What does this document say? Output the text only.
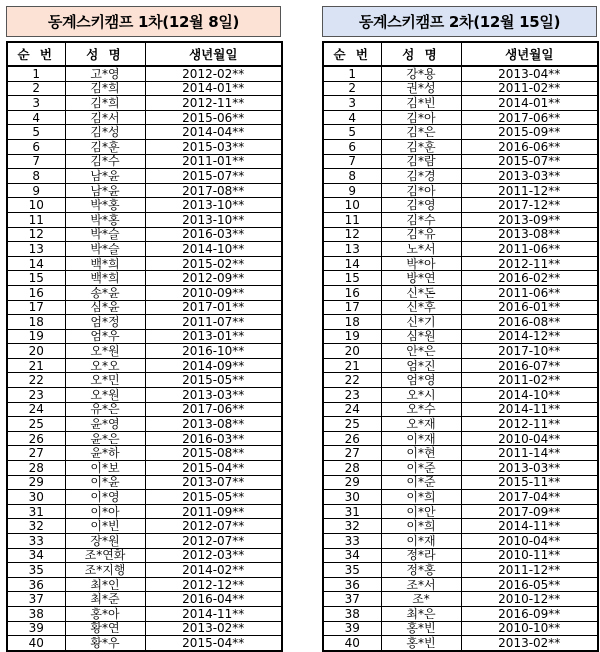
동계스키캠프 1차(12월 8일)
순 번	성 명	생년월일
1	고*영	2012-02**
2	김*희	2014-01**
3	김*희	2012-11**
4	김*서	2015-06**
5	김*성	2014-04**
6	김*훈	2015-03**
7	김*수	2011-01**
8	남*윤	2015-07**
9	남*윤	2017-08**
10	박*홍	2013-10**
11	박*홍	2013-10**
12	박*슬	2016-03**
13	박*슬	2014-10**
14	백*희	2015-02**
15	백*희	2012-09**
16	송*윤	2010-09**
17	심*윤	2017-01**
18	엄*정	2011-07**
19	엄*우	2013-01**
20	오*원	2016-10**
21	오*오	2014-09**
22	오*민	2015-05**
23	오*원	2013-03**
24	유*은	2017-06**
25	윤*영	2013-08**
26	윤*은	2016-03**
27	윤*하	2015-08**
28	이*보	2015-04**
29	이*윤	2013-07**
30	이*영	2015-05**
31	이*아	2011-09**
32	이*빈	2012-07**
33	장*원	2012-07**
34	조*연화	2012-03**
35	조*지행	2014-02**
36	최*인	2012-12**
37	최*준	2016-04**
38	홍*아	2014-11**
39	황*연	2013-02**
40	황*우	2015-04**
동계스키캠프 2차(12월 15일)
순 번	성 명	생년월일
1	강*용	2013-04**
2	권*성	2011-02**
3	김*빈	2014-01**
4	김*아	2017-06**
5	김*은	2015-09**
6	김*훈	2016-06**
7	김*람	2015-07**
8	김*경	2013-03**
9	김*아	2011-12**
10	김*영	2017-12**
11	김*수	2013-09**
12	김*유	2013-08**
13	노*서	2011-06**
14	박*아	2012-11**
15	방*연	2016-02**
16	신*돈	2011-06**
17	신*후	2016-01**
18	신*기	2016-08**
19	심*원	2014-12**
20	안*은	2017-10**
21	엄*진	2016-07**
22	엄*영	2011-02**
23	오*시	2014-10**
24	오*수	2014-11**
25	오*재	2012-11**
26	이*재	2010-04**
27	이*현	2011-14**
28	이*준	2013-03**
29	이*준	2015-11**
30	이*희	2017-04**
31	이*안	2017-09**
32	이*희	2014-11**
33	이*재	2010-04**
34	정*라	2010-11**
35	정*홍	2011-12**
36	조*서	2016-05**
37	조*	2010-12**
38	최*은	2016-09**
39	홍*빈	2010-10**
40	홍*빈	2013-02**
